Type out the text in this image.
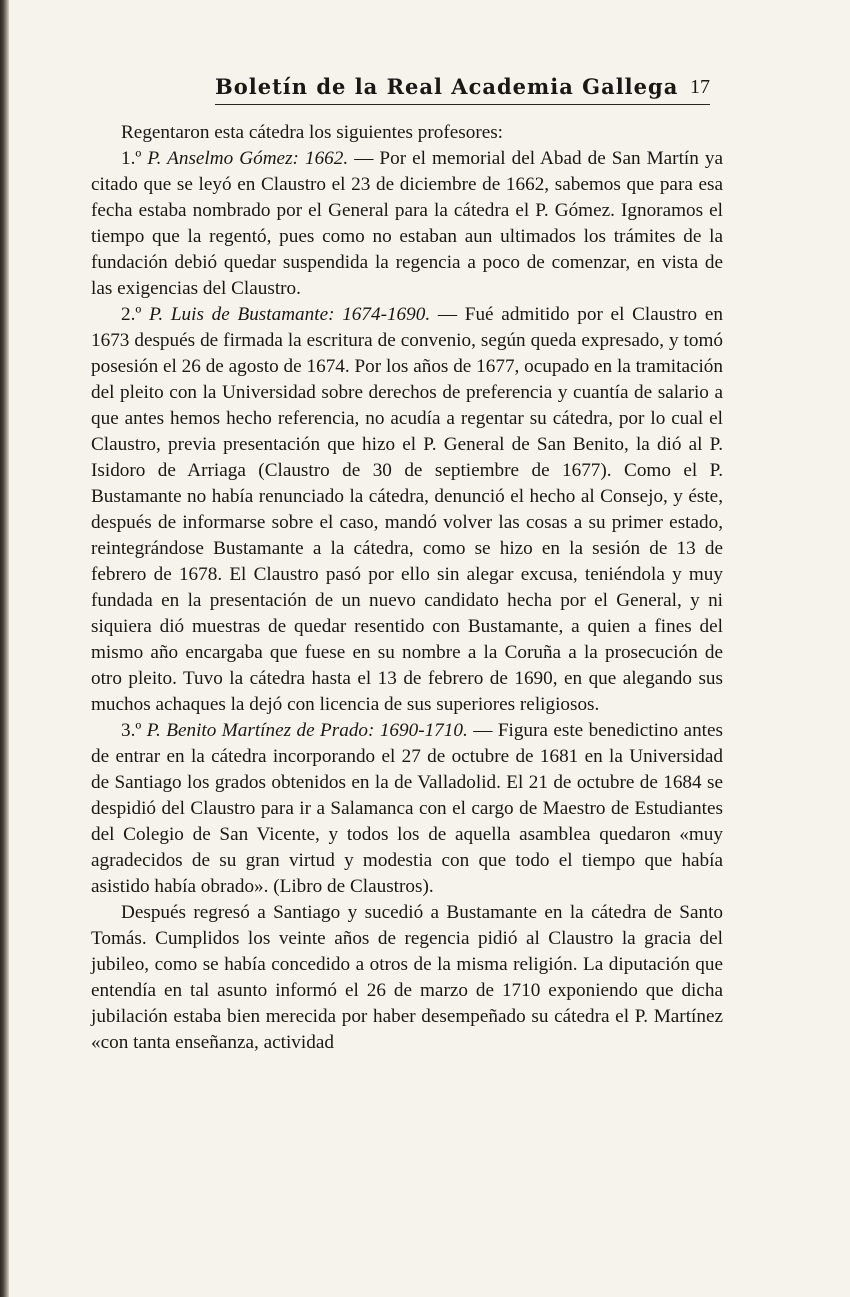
Boletín de la Real Academia Gallega 17

Regentaron esta cátedra los siguientes profesores:

1.º P. Anselmo Gómez: 1662. — Por el memorial del Abad de San Martín ya citado que se leyó en Claustro el 23 de diciembre de 1662, sabemos que para esa fecha estaba nombrado por el General para la cátedra el P. Gómez. Ignoramos el tiempo que la regentó, pues como no estaban aun ultimados los trámites de la fundación debió quedar suspendida la regencia a poco de comenzar, en vista de las exigencias del Claustro.

2.º P. Luis de Bustamante: 1674-1690. — Fué admitido por el Claustro en 1673 después de firmada la escritura de convenio, según queda expresado, y tomó posesión el 26 de agosto de 1674. Por los años de 1677, ocupado en la tramitación del pleito con la Universidad sobre derechos de preferencia y cuantía de salario a que antes hemos hecho referencia, no acudía a regentar su cátedra, por lo cual el Claustro, previa presentación que hizo el P. General de San Benito, la dió al P. Isidoro de Arriaga (Claustro de 30 de septiembre de 1677). Como el P. Bustamante no había renunciado la cátedra, denunció el hecho al Consejo, y éste, después de informarse sobre el caso, mandó volver las cosas a su primer estado, reintegrándose Bustamante a la cátedra, como se hizo en la sesión de 13 de febrero de 1678. El Claustro pasó por ello sin alegar excusa, teniéndola y muy fundada en la presentación de un nuevo candidato hecha por el General, y ni siquiera dió muestras de quedar resentido con Bustamante, a quien a fines del mismo año encargaba que fuese en su nombre a la Coruña a la prosecución de otro pleito. Tuvo la cátedra hasta el 13 de febrero de 1690, en que alegando sus muchos achaques la dejó con licencia de sus superiores religiosos.

3.º P. Benito Martínez de Prado: 1690-1710. — Figura este benedictino antes de entrar en la cátedra incorporando el 27 de octubre de 1681 en la Universidad de Santiago los grados obtenidos en la de Valladolid. El 21 de octubre de 1684 se despidió del Claustro para ir a Salamanca con el cargo de Maestro de Estudiantes del Colegio de San Vicente, y todos los de aquella asamblea quedaron «muy agradecidos de su gran virtud y modestia con que todo el tiempo que había asistido había obrado». (Libro de Claustros).

Después regresó a Santiago y sucedió a Bustamante en la cátedra de Santo Tomás. Cumplidos los veinte años de regencia pidió al Claustro la gracia del jubileo, como se había concedido a otros de la misma religión. La diputación que entendía en tal asunto informó el 26 de marzo de 1710 exponiendo que dicha jubilación estaba bien merecida por haber desempeñado su cátedra el P. Martínez «con tanta enseñanza, actividad
